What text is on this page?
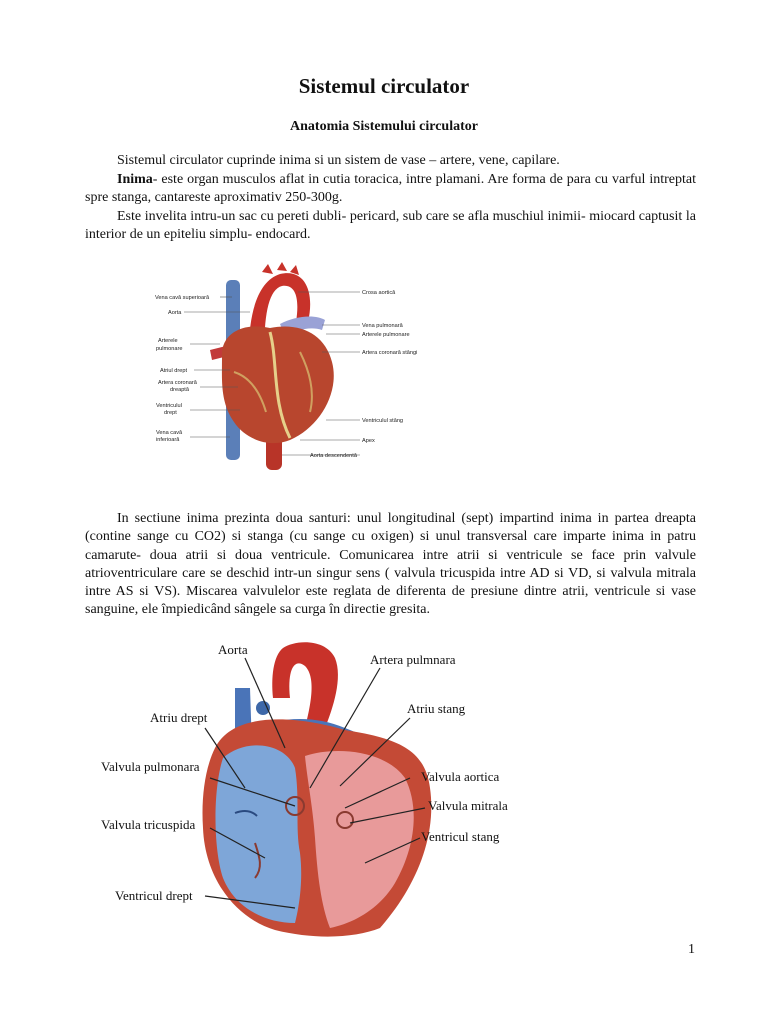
Sistemul circulator
Anatomia Sistemului circulator
Sistemul circulator cuprinde inima si un sistem de vase – artere, vene, capilare.
Inima- este organ musculos aflat in cutia toracica, intre plamani. Are forma de para cu varful intreptat spre stanga, cantareste aproximativ 250-300g.
Este invelita intru-un sac cu pereti dubli- pericard, sub care se afla muschiul inimii- miocard captusit la interior de un epiteliu simplu- endocard.
Vena cavă superioară
Aorta
Arterele
pulmonare
Atriul drept
Artera coronară
dreaptă
Ventriculul
drept
Vena cavă
inferioară
Crosa aortică
Vena pulmonară
Arterele pulmonare
Artera coronară stângi
Ventriculul stâng
Apex
Aorta descendentă
In sectiune inima prezinta doua santuri: unul longitudinal (sept) impartind inima in partea dreapta (contine sange cu CO2) si stanga (cu sange cu oxigen) si unul transversal care imparte inima in patru camarute- doua atrii si doua ventricule. Comunicarea intre atrii si ventricule se face prin valvule atrioventriculare care se deschid intr-un singur sens ( valvula tricuspida intre AD si VD, si valvula mitrala intre AS si VS). Miscarea valvulelor este reglata de diferenta de presiune dintre atrii, ventricule si vase sanguine, ele împiedicând sângele sa curga în directie gresita.
Aorta
Artera pulmnara
Atriu drept
Atriu stang
Valvula pulmonara
Valvula aortica
Valvula mitrala
Valvula tricuspida
Ventricul stang
Ventricul drept
1
